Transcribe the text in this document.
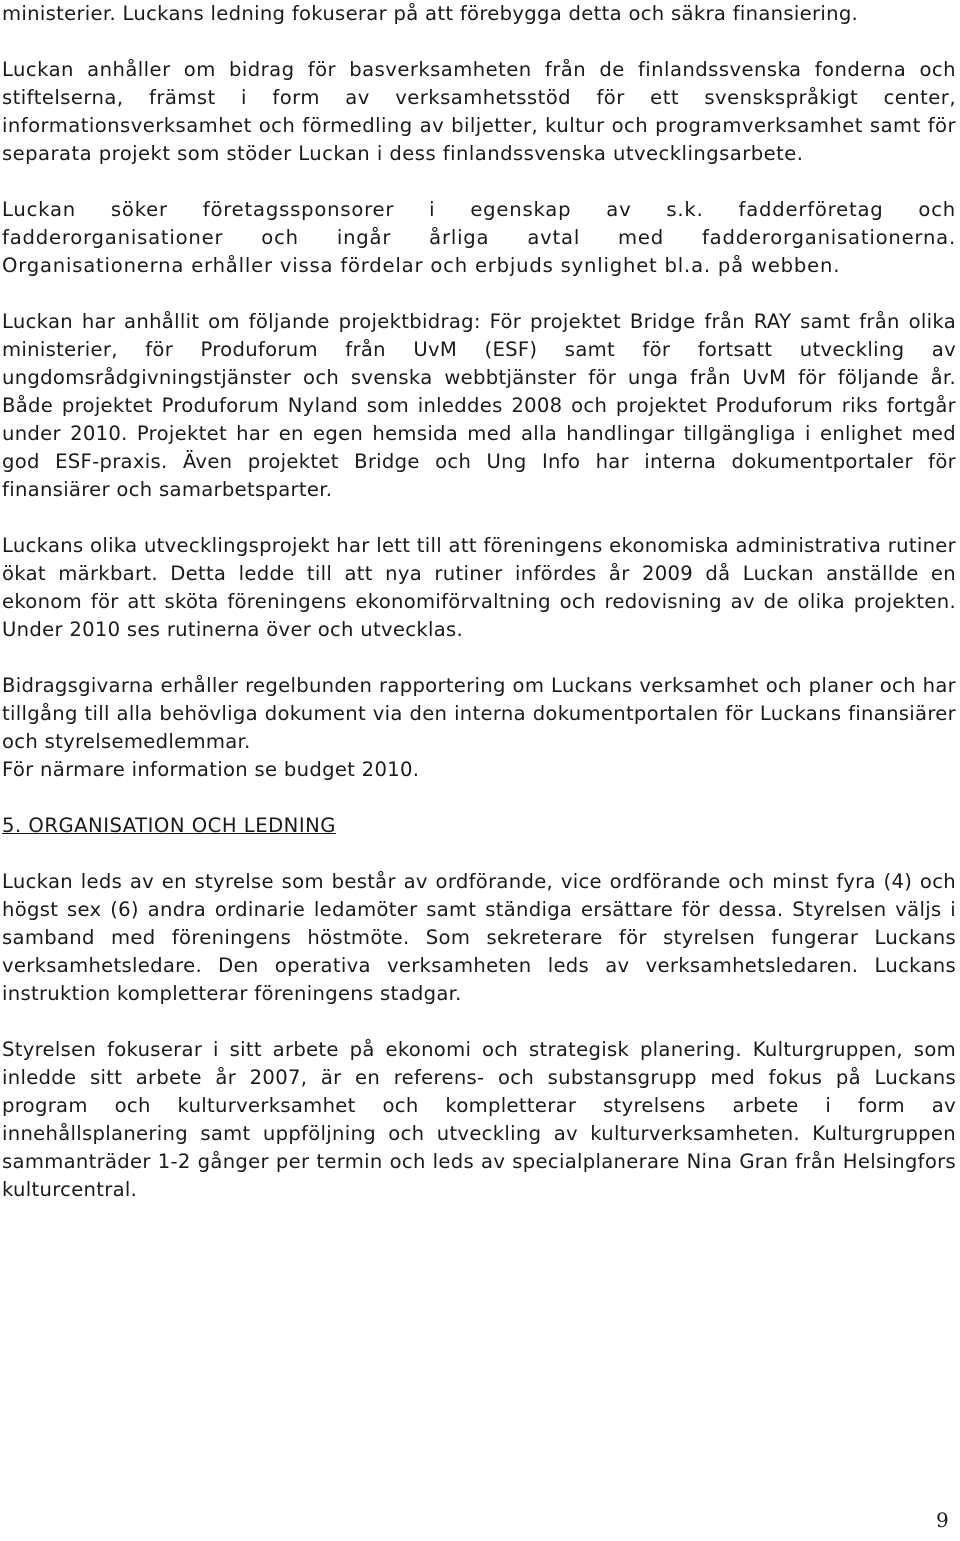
ministerier. Luckans ledning fokuserar på att förebygga detta och säkra finansiering.

Luckan anhåller om bidrag för basverksamheten från de finlandssvenska fonderna och stiftelserna, främst i form av verksamhetsstöd för ett svenskspråkigt center, informationsverksamhet och förmedling av biljetter, kultur och programverksamhet samt för separata projekt som stöder Luckan i dess finlandssvenska utvecklingsarbete.

Luckan söker företagssponsorer i egenskap av s.k. fadderföretag och fadderorganisationer och ingår årliga avtal med fadderorganisationerna. Organisationerna erhåller vissa fördelar och erbjuds synlighet bl.a. på webben.

Luckan har anhållit om följande projektbidrag: För projektet Bridge från RAY samt från olika ministerier, för Produforum från UvM (ESF) samt för fortsatt utveckling av ungdomsrådgivningstjänster och svenska webbtjänster för unga från UvM för följande år. Både projektet Produforum Nyland som inleddes 2008 och projektet Produforum riks fortgår under 2010. Projektet har en egen hemsida med alla handlingar tillgängliga i enlighet med god ESF-praxis. Även projektet Bridge och Ung Info har interna dokumentportaler för finansiärer och samarbetsparter.

Luckans olika utvecklingsprojekt har lett till att föreningens ekonomiska administrativa rutiner ökat märkbart. Detta ledde till att nya rutiner infördes år 2009 då Luckan anställde en ekonom för att sköta föreningens ekonomiförvaltning och redovisning av de olika projekten. Under 2010 ses rutinerna över och utvecklas.

Bidragsgivarna erhåller regelbunden rapportering om Luckans verksamhet och planer och har tillgång till alla behövliga dokument via den interna dokumentportalen för Luckans finansiärer och styrelsemedlemmar.

För närmare information se budget 2010.

5. ORGANISATION OCH LEDNING

Luckan leds av en styrelse som består av ordförande, vice ordförande och minst fyra (4) och högst sex (6) andra ordinarie ledamöter samt ständiga ersättare för dessa. Styrelsen väljs i samband med föreningens höstmöte. Som sekreterare för styrelsen fungerar Luckans verksamhetsledare. Den operativa verksamheten leds av verksamhetsledaren. Luckans instruktion kompletterar föreningens stadgar.

Styrelsen fokuserar i sitt arbete på ekonomi och strategisk planering. Kulturgruppen, som inledde sitt arbete år 2007, är en referens- och substansgrupp med fokus på Luckans program och kulturverksamhet och kompletterar styrelsens arbete i form av innehållsplanering samt uppföljning och utveckling av kulturverksamheten. Kulturgruppen sammanträder 1-2 gånger per termin och leds av specialplanerare Nina Gran från Helsingfors kulturcentral.

9
